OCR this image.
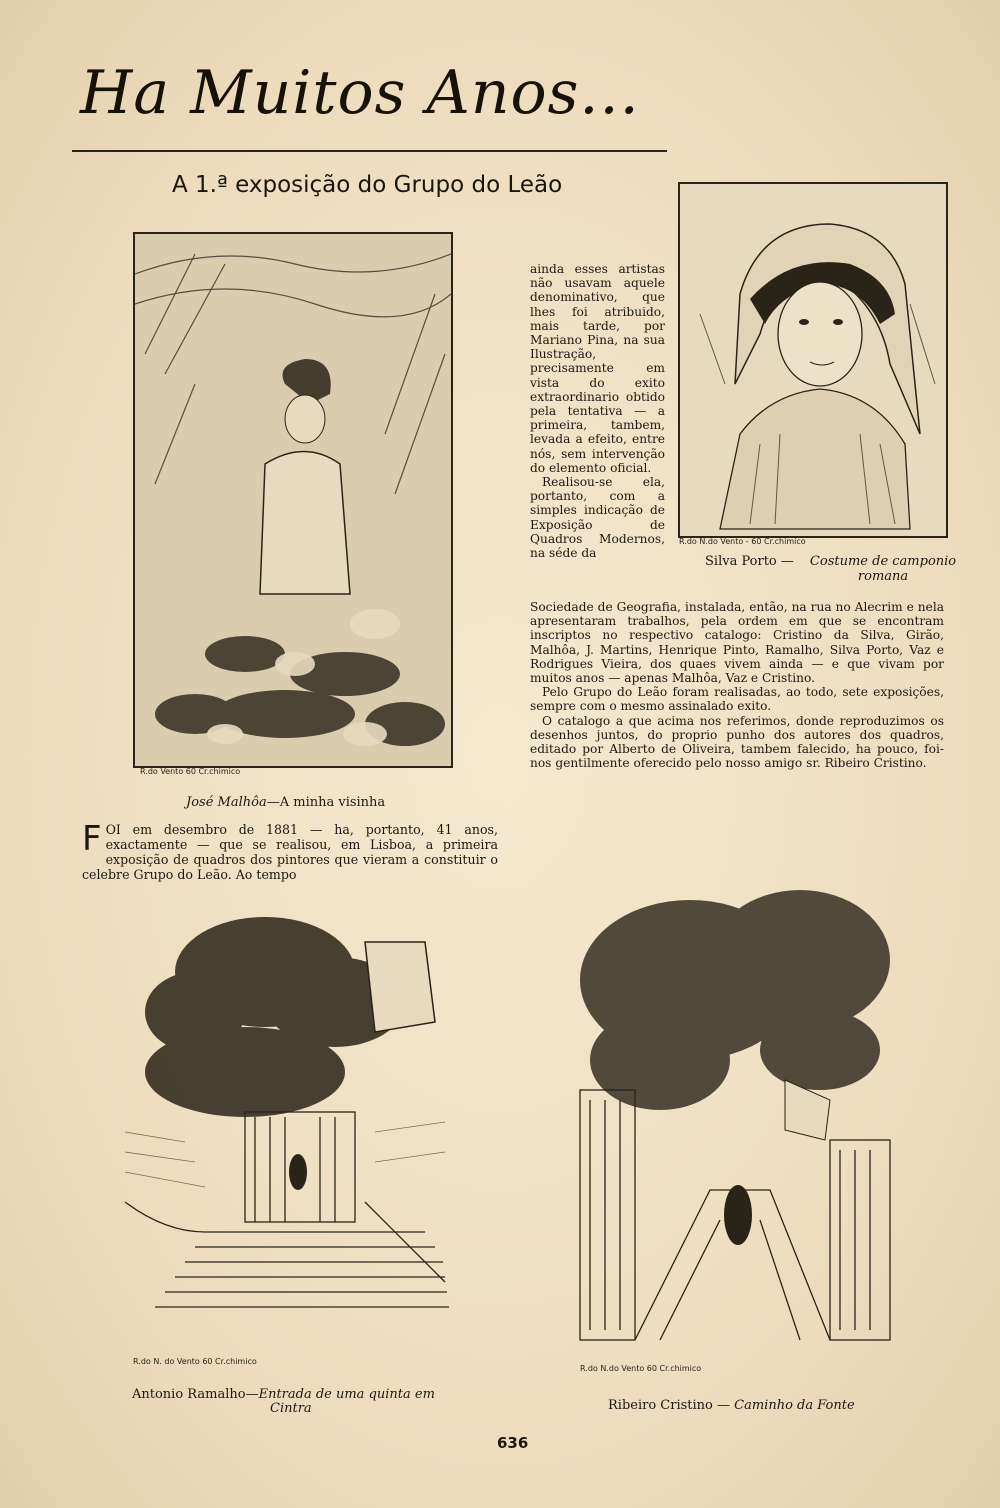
Ha Muitos Anos...
A 1.ª exposição do Grupo do Leão
R.do Vento 60 Cr.chimico
José Malhôa—A minha visinha
R.do N.do Vento - 60 Cr.chimico
Silva Porto — Costume de camponio romana

ainda esses artistas não usavam aquele denominativo, que lhes foi atribuido, mais tarde, por Mariano Pina, na sua Ilustração, precisamente em vista do exito extraordinario obtido pela tentativa — a primeira, tambem, levada a efeito, entre nós, sem intervenção do elemento oficial.

Realisou-se ela, portanto, com a simples indicação de Exposição de Quadros Modernos, na séde da

Sociedade de Geografia, instalada, então, na rua no Alecrim e nela apresentaram trabalhos, pela ordem em que se encontram inscriptos no respectivo catalogo: Cristino da Silva, Girão, Malhôa, J. Martins, Henrique Pinto, Ramalho, Silva Porto, Vaz e Rodrigues Vieira, dos quaes vivem ainda — e que vivam por muitos anos — apenas Malhôa, Vaz e Cristino.

Pelo Grupo do Leão foram realisadas, ao todo, sete exposições, sempre com o mesmo assinalado exito.

O catalogo a que acima nos referimos, donde reproduzimos os desenhos juntos, do proprio punho dos autores dos quadros, editado por Alberto de Oliveira, tambem falecido, ha pouco, foi-nos gentilmente oferecido pelo nosso amigo sr. Ribeiro Cristino.

FOI em desembro de 1881 — ha, portanto, 41 anos, exactamente — que se realisou, em Lisboa, a primeira exposição de quadros dos pintores que vieram a constituir o celebre Grupo do Leão. Ao tempo
R.do N. do Vento 60 Cr.chimico
Antonio Ramalho—Entrada de uma quinta em
Cintra
R.do N.do Vento 60 Cr.chimico
Ribeiro Cristino — Caminho da Fonte
636
